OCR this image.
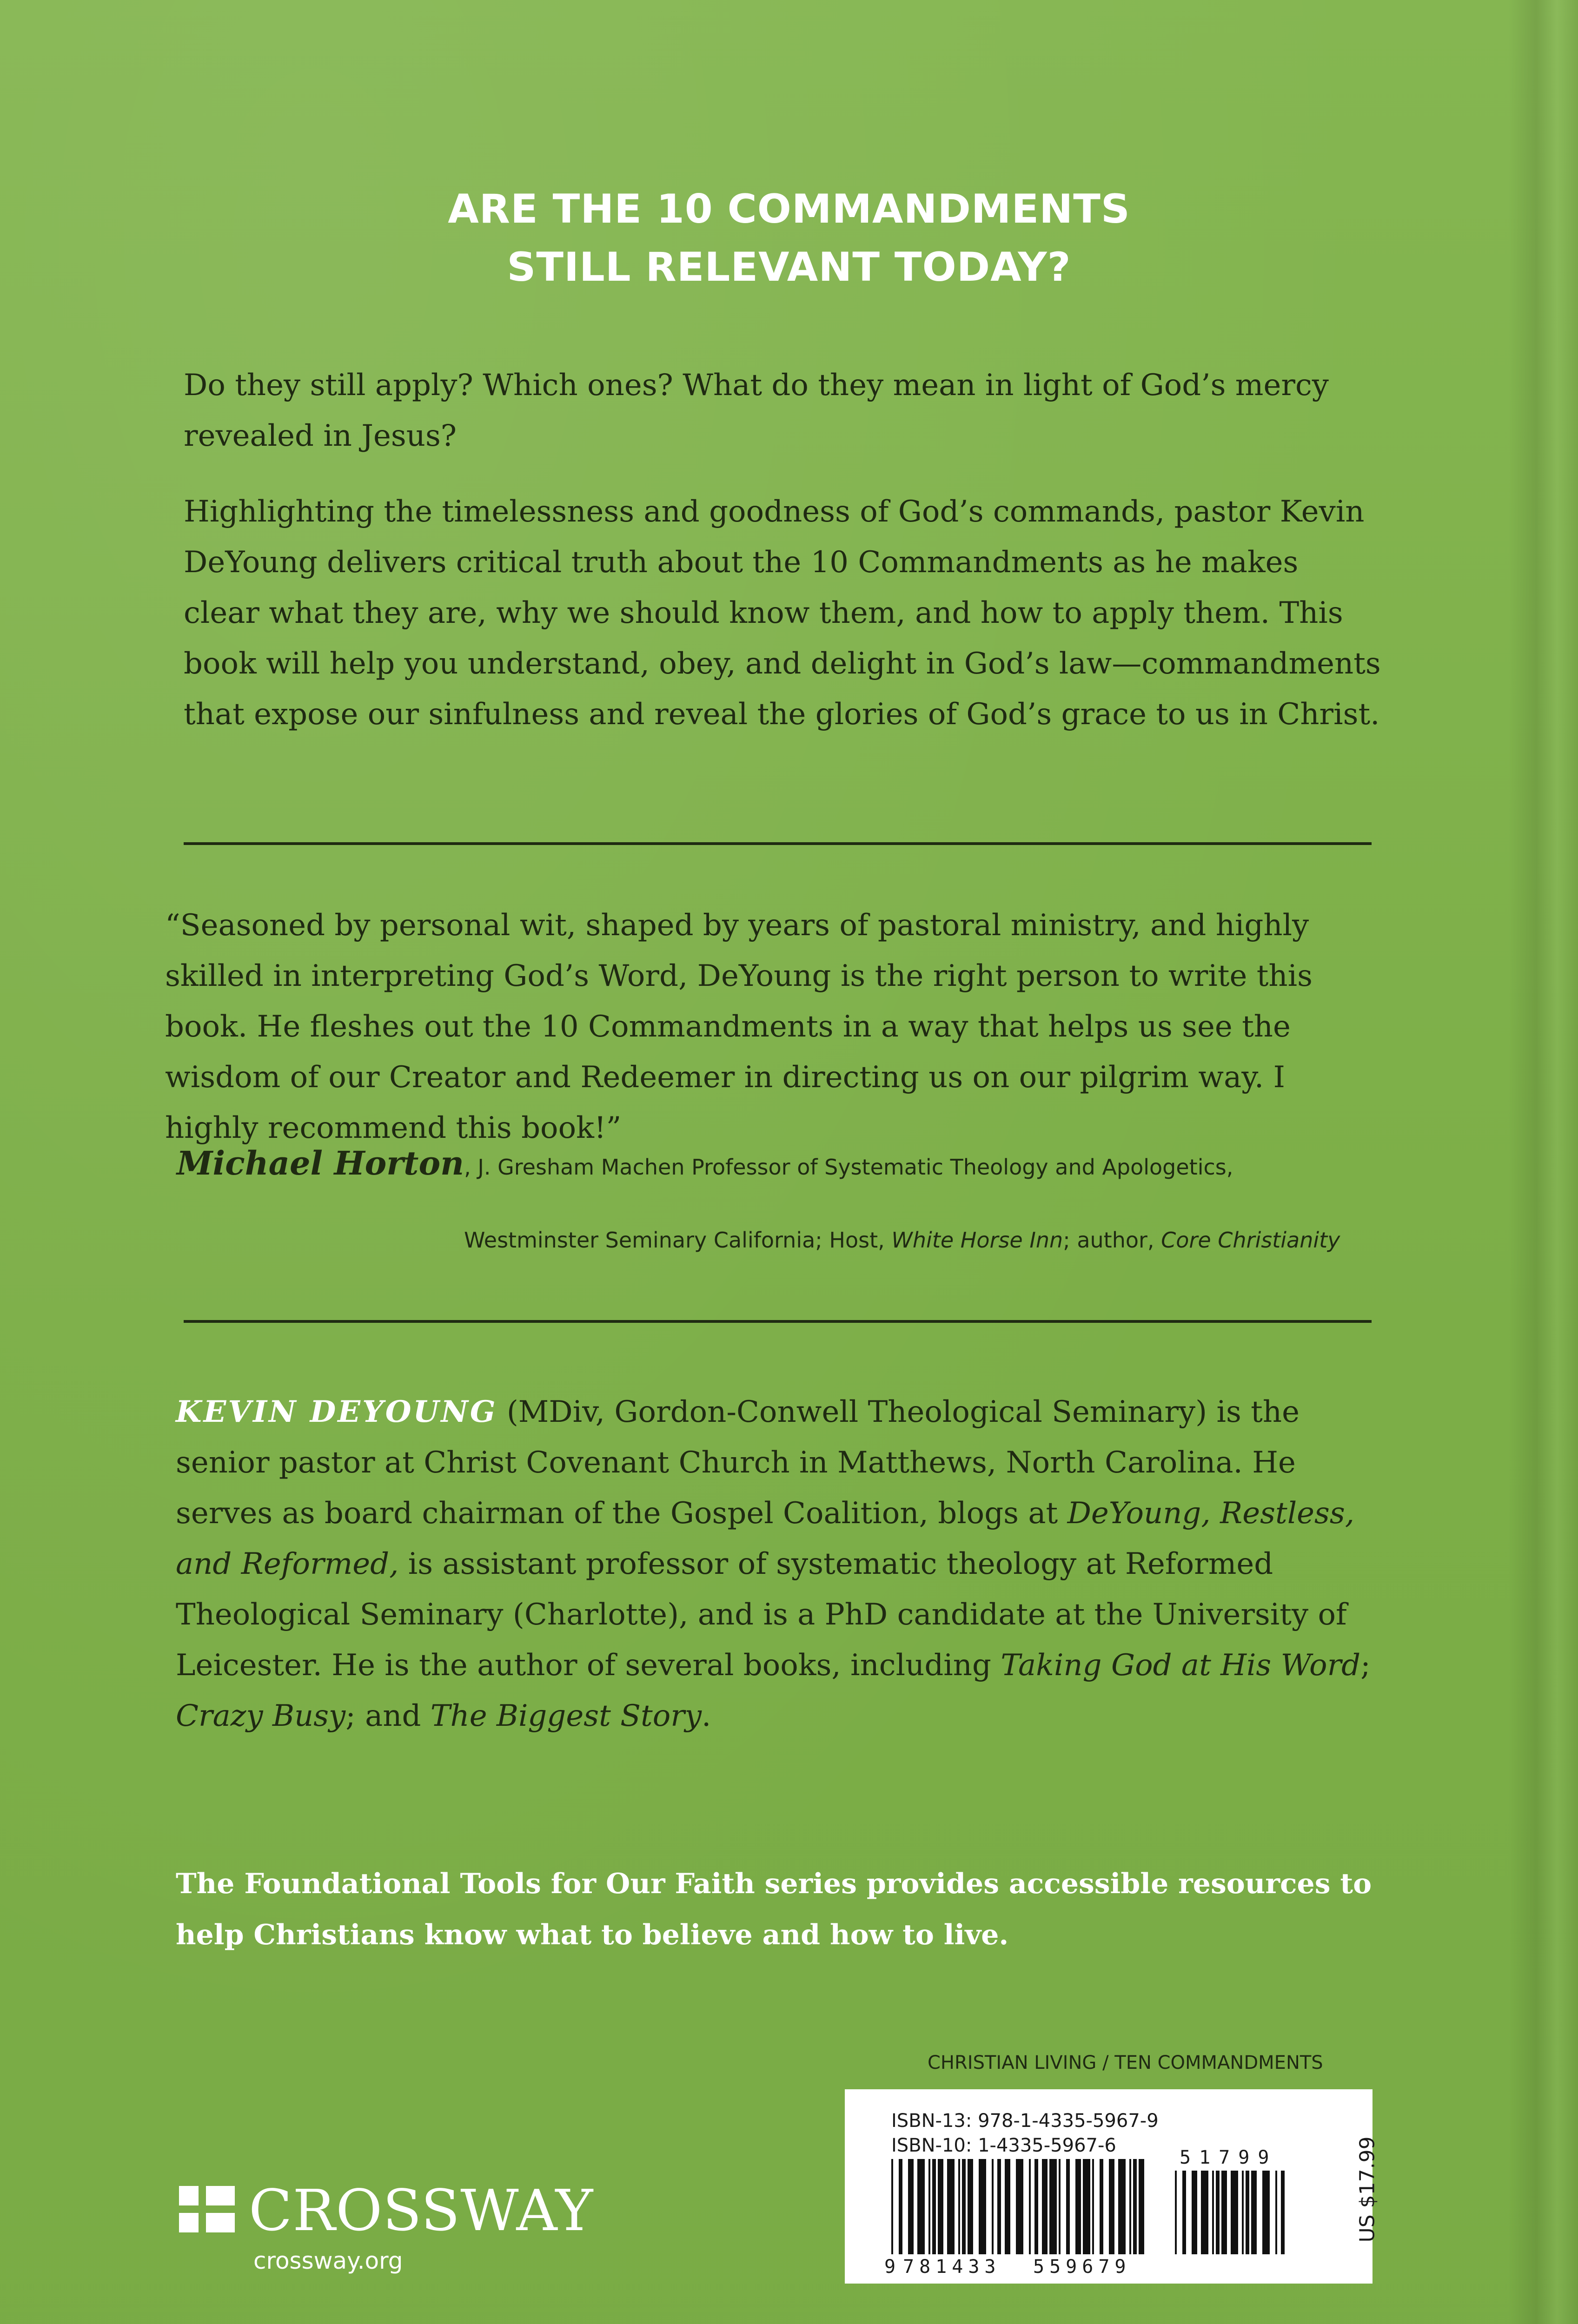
ARE THE 10 COMMANDMENTS
STILL RELEVANT TODAY?
Do they still apply? Which ones? What do they mean in light of God’s mercy revealed in Jesus?
Highlighting the timelessness and goodness of God’s commands, pastor Kevin DeYoung delivers critical truth about the 10 Commandments as he makes clear what they are, why we should know them, and how to apply them. This book will help you understand, obey, and delight in God’s law—commandments that expose our sinfulness and reveal the glories of God’s grace to us in Christ.
“Seasoned by personal wit, shaped by years of pastoral ministry, and highly skilled in interpreting God’s Word, DeYoung is the right person to write this book. He fleshes out the 10 Commandments in a way that helps us see the wisdom of our Creator and Redeemer in directing us on our pilgrim way. I highly recommend this book!”
Michael Horton, J. Gresham Machen Professor of Systematic Theology and Apologetics,
Westminster Seminary California; Host, White Horse Inn; author, Core Christianity
KEVIN DEYOUNG (MDiv, Gordon-Conwell Theological Seminary) is the senior pastor at Christ Covenant Church in Matthews, North Carolina. He serves as board chairman of the Gospel Coalition, blogs at DeYoung, Restless, and Reformed, is assistant professor of systematic theology at Reformed Theological Seminary (Charlotte), and is a PhD candidate at the University of Leicester. He is the author of several books, including Taking God at His Word; Crazy Busy; and The Biggest Story.
The Foundational Tools for Our Faith series provides accessible resources to help Christians know what to believe and how to live.
CHRISTIAN LIVING / TEN COMMANDMENTS
9 781433 559679
51799
ISBN-13: 978-1-4335-5967-9
ISBN-10: 1-4335-5967-6	US $17.99
CROSSWAY
crossway.org
